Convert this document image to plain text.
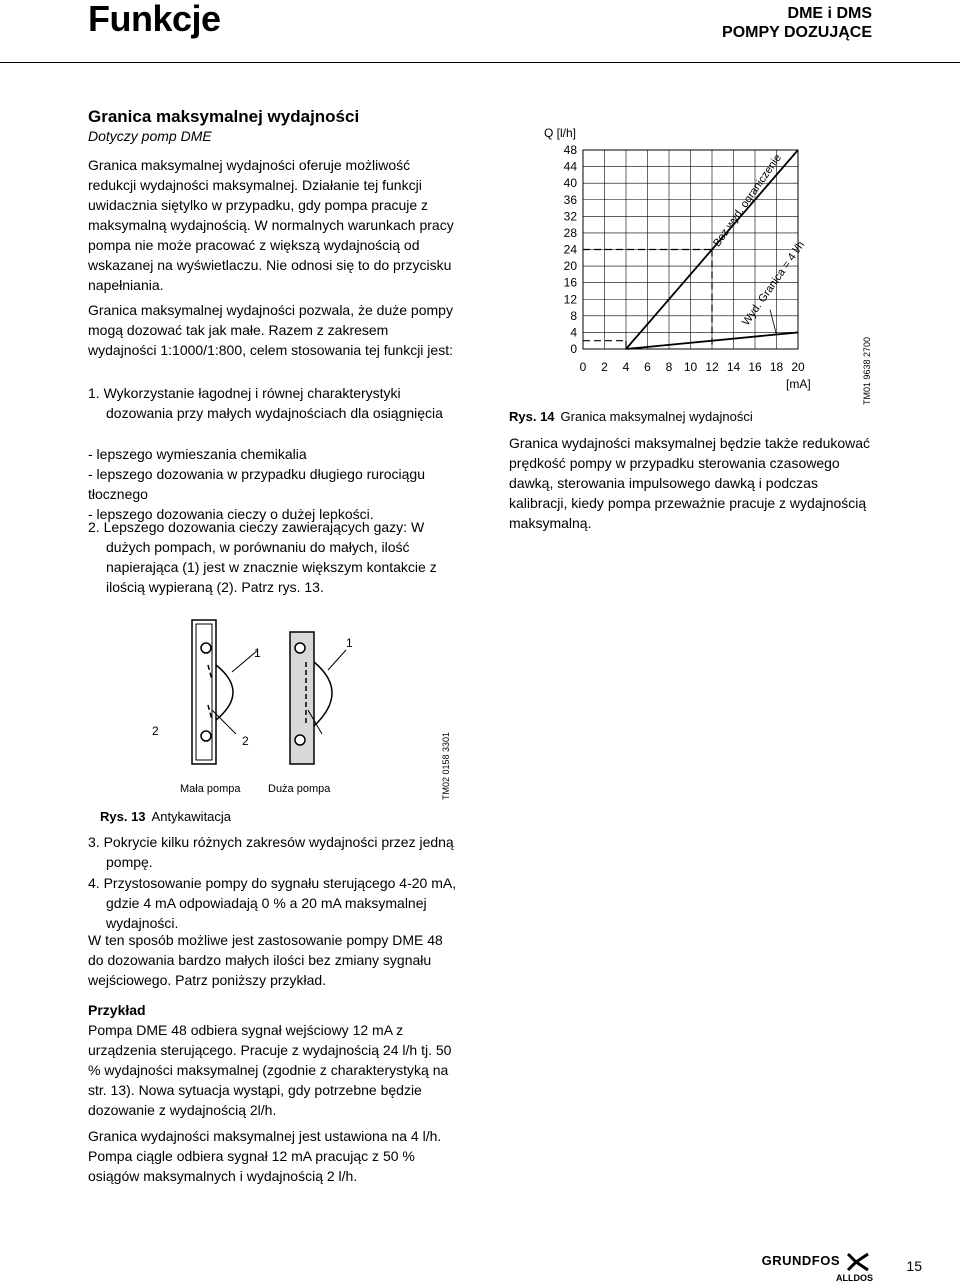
Funkcje	DME i DMS
POMPY DOZUJĄCE
Granica maksymalnej wydajności
Dotyczy pomp DME

Granica maksymalnej wydajności oferuje możliwość redukcji wydajności maksymalnej. Działanie tej funkcji uwidacznia siętylko w przypadku, gdy pompa pracuje z maksymalną wydajnością. W normalnych warunkach pracy pompa nie może pracować z większą wydajnością od wskazanej na wyświetlaczu. Nie odnosi się to do przycisku napełniania.

Granica maksymalnej wydajności pozwala, że duże pompy mogą dozować tak jak małe. Razem z zakresem wydajności 1:1000/1:800, celem stosowania tej funkcji jest:

1. Wykorzystanie łagodnej i równej charakterystyki dozowania przy małych wydajnościach dla osiągnięcia

- lepszego wymieszania chemikalia

- lepszego dozowania w przypadku długiego rurociągu tłocznego

- lepszego dozowania cieczy o dużej lepkości.

2. Lepszego dozowania cieczy zawierających gazy: W dużych pompach, w porównaniu do małych, ilość napierająca (1) jest w znacznie większym kontakcie z ilością wypieraną (2). Patrz rys. 13.

Bez wyd. ograniczenie
Wyd. Granica = 4 l/h
48
44
40
36
32
28
24
20
16
12
8
4
0
0 2 4 6 8 10 12 14 16 18 20
Q [l/h]
[mA]	TM01 9638 2700
Rys. 14 Granica maksymalnej wydajności

Granica wydajności maksymalnej będzie także redukować prędkość pompy w przypadku sterowania czasowego dawką, sterowania impulsowego dawką i podczas kalibracji, kiedy pompa przeważnie pracuje z wydajnością maksymalną.

1
1
2
2
Mała pompa Duża pompa	TM02 0158 3301
Rys. 13 Antykawitacja

3. Pokrycie kilku różnych zakresów wydajności przez jedną pompę.

4. Przystosowanie pompy do sygnału sterującego 4-20 mA, gdzie 4 mA odpowiadają 0 % a 20 mA maksymalnej wydajności.

W ten sposób możliwe jest zastosowanie pompy DME 48 do dozowania bardzo małych ilości bez zmiany sygnału wejściowego. Patrz poniższy przykład.

Przykład

Pompa DME 48 odbiera sygnał wejściowy 12 mA z urządzenia sterującego. Pracuje z wydajnością 24 l/h tj. 50 % wydajności maksymalnej (zgodnie z charakterystyką na str. 13). Nowa sytuacja wystąpi, gdy potrzebne będzie dozowanie z wydajnością 2l/h.

Granica wydajności maksymalnej jest ustawiona na 4 l/h. Pompa ciągle odbiera sygnał 12 mA pracując z 50 % osiągów maksymalnych i wydajnością 2 l/h.

GRUNDFOS
ALLDOS
15
